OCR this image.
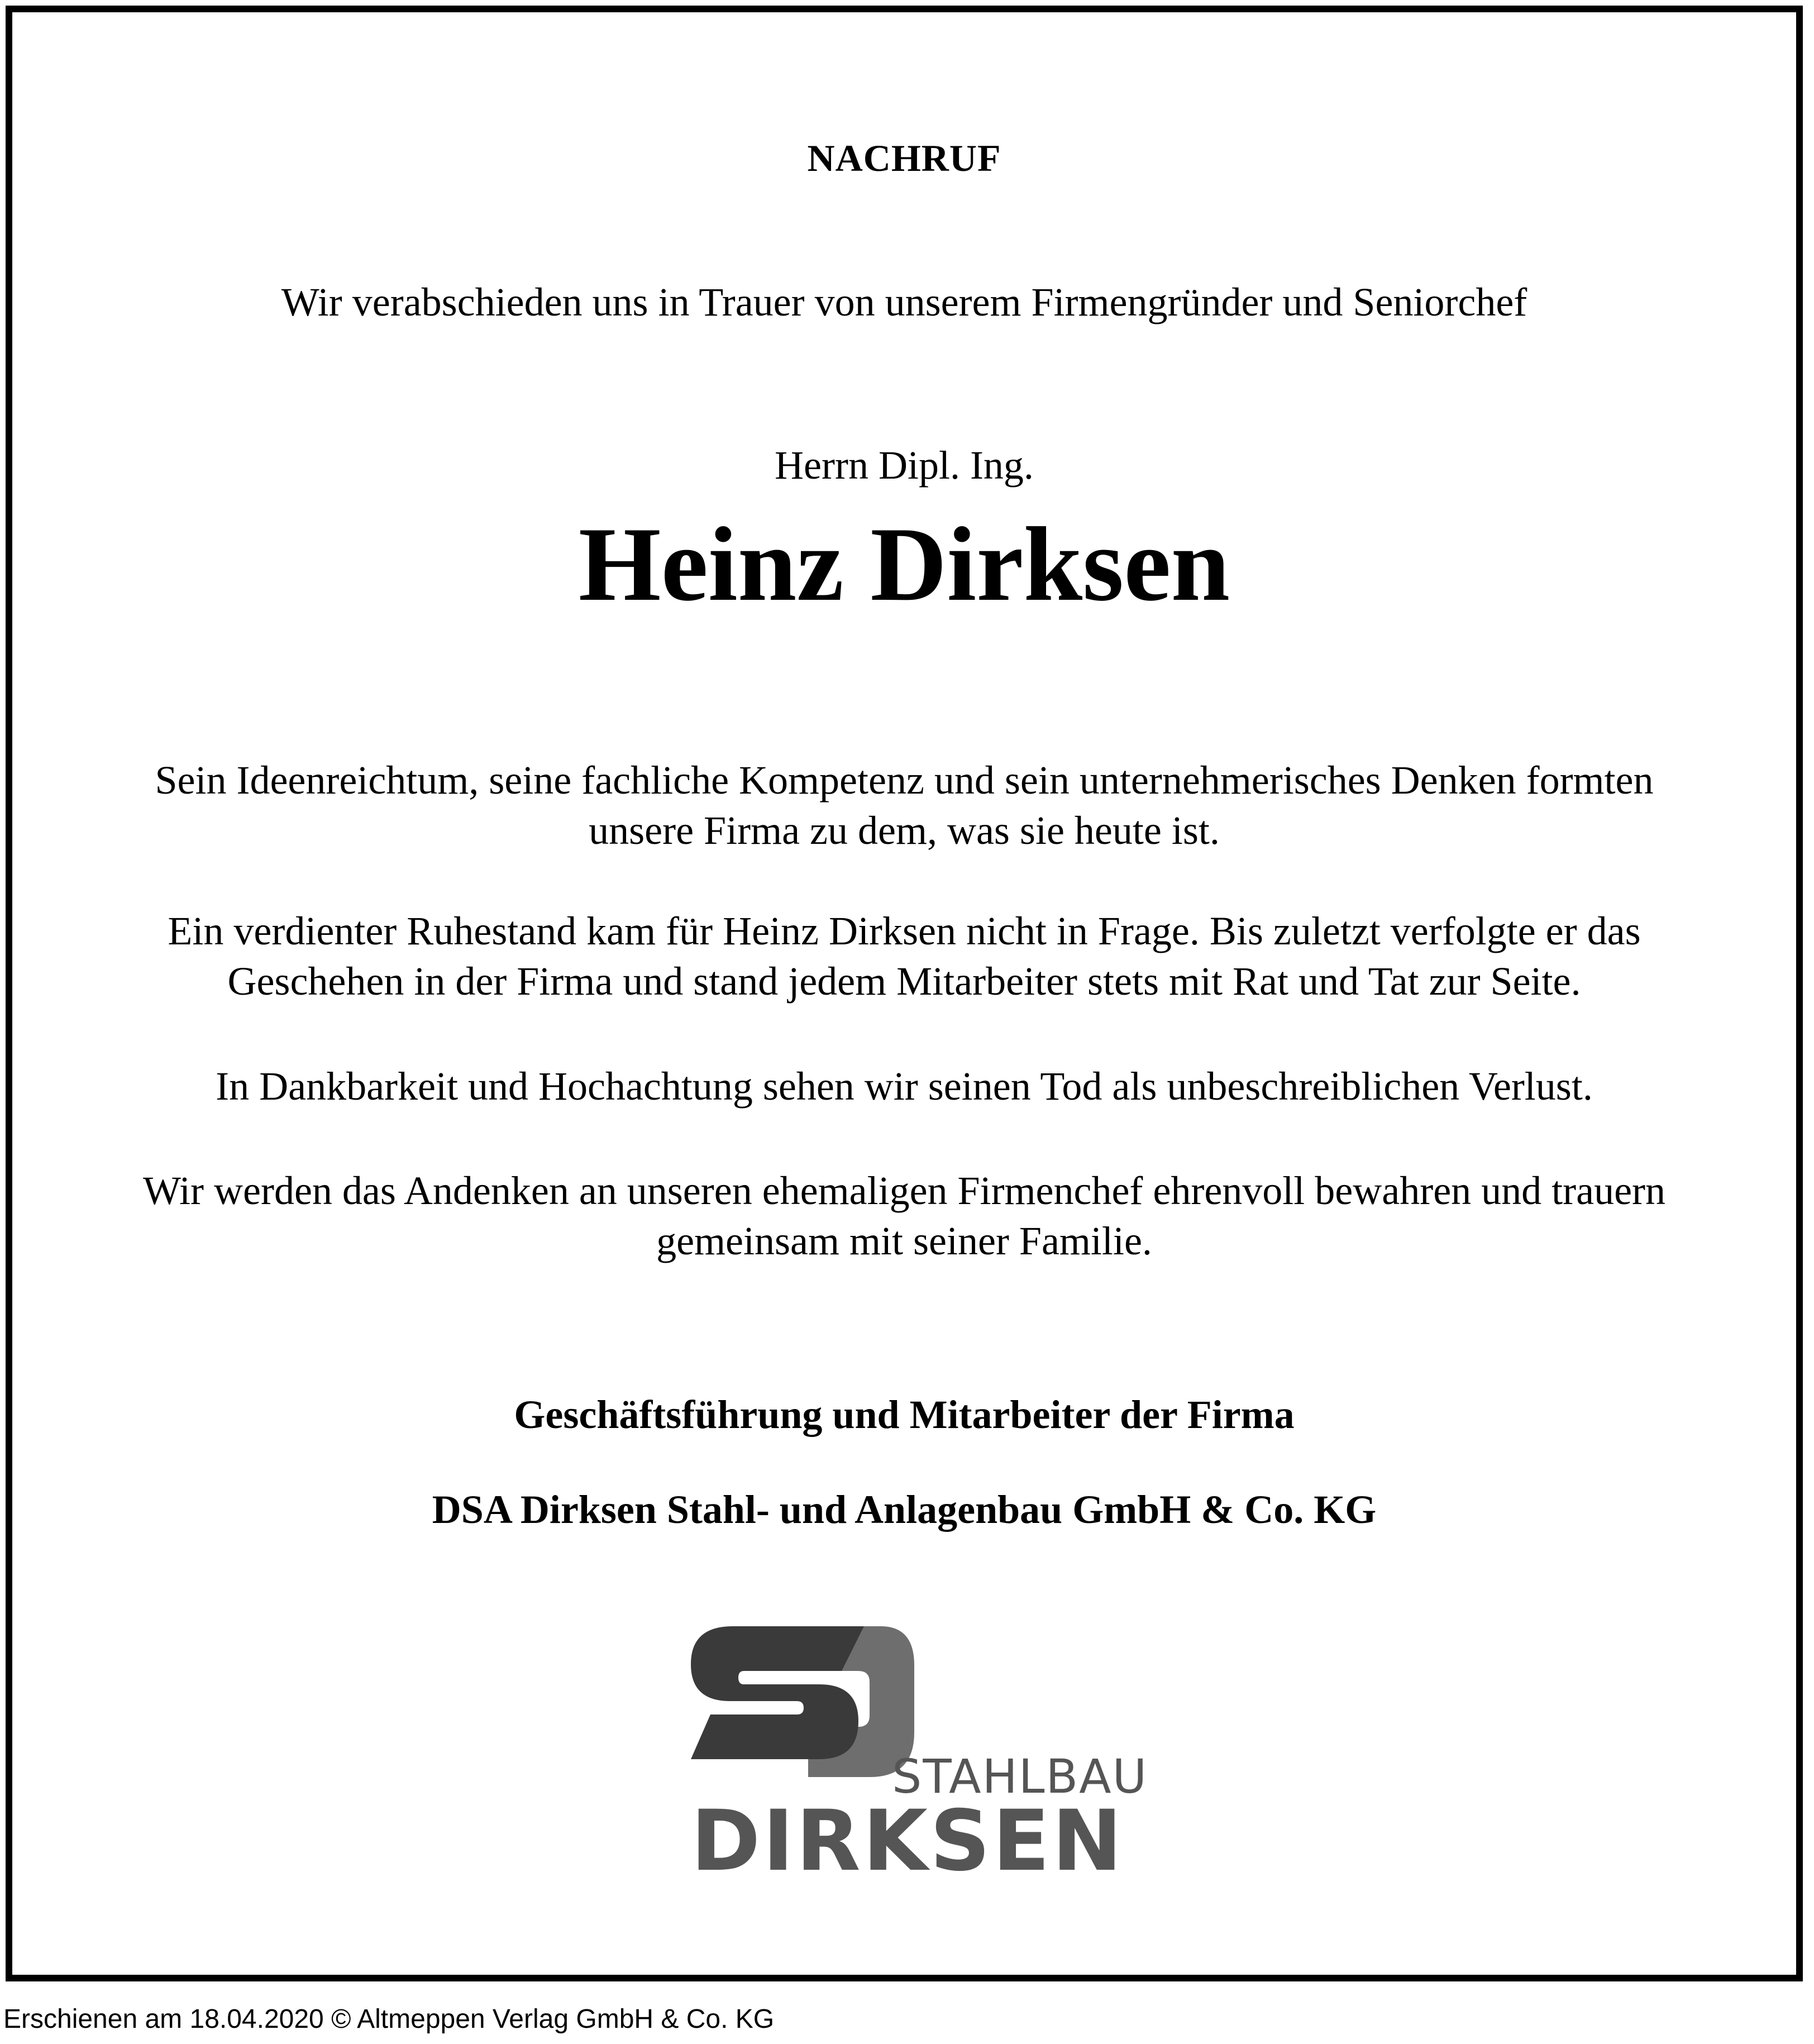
NACHRUF

Wir verabschieden uns in Trauer von unserem Firmengründer und Seniorchef

Herrn Dipl. Ing.

Heinz Dirksen

Sein Ideenreichtum, seine fachliche Kompetenz und sein unternehmerisches Denken formten
unsere Firma zu dem, was sie heute ist.
Ein verdienter Ruhestand kam für Heinz Dirksen nicht in Frage. Bis zuletzt verfolgte er das
Geschehen in der Firma und stand jedem Mitarbeiter stets mit Rat und Tat zur Seite.
In Dankbarkeit und Hochachtung sehen wir seinen Tod als unbeschreiblichen Verlust.
Wir werden das Andenken an unseren ehemaligen Firmenchef ehrenvoll bewahren und trauern
gemeinsam mit seiner Familie.

Geschäftsführung und Mitarbeiter der Firma

DSA Dirksen Stahl- und Anlagenbau GmbH & Co. KG

STAHLBAU
DIRKSEN
Erschienen am 18.04.2020 © Altmeppen Verlag GmbH & Co. KG
